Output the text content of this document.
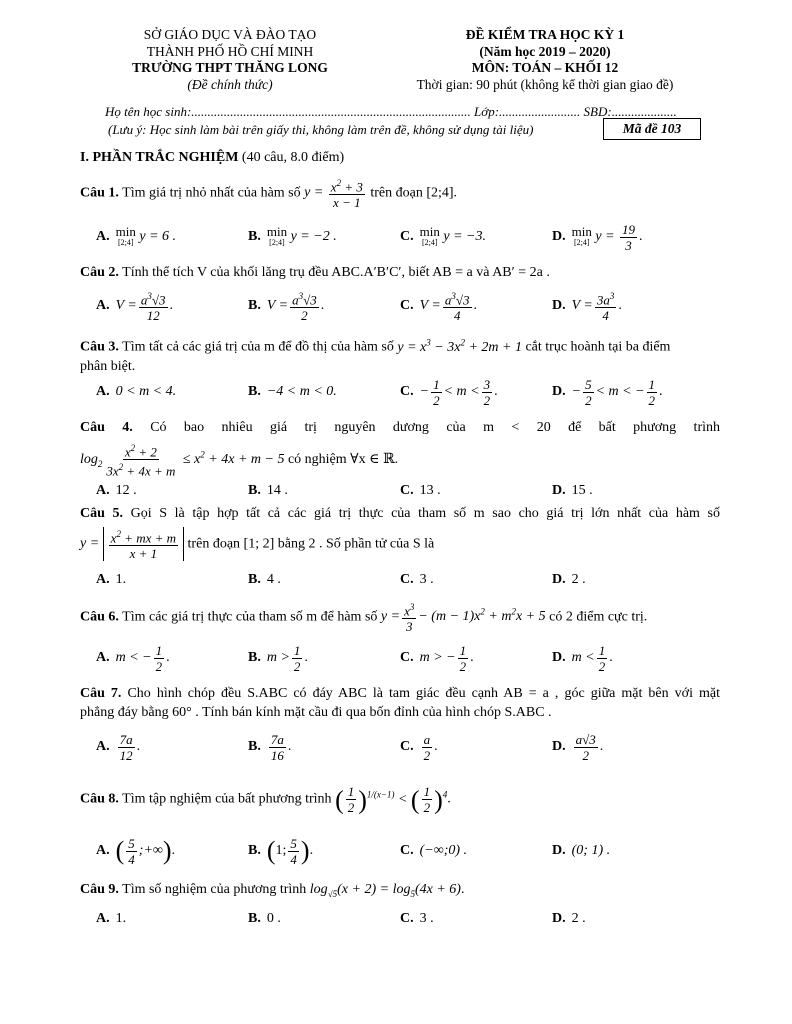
SỞ GIÁO DỤC VÀ ĐÀO TẠO
THÀNH PHỐ HỒ CHÍ MINH
TRƯỜNG THPT THĂNG LONG
(Đề chính thức)
ĐỀ KIỂM TRA HỌC KỲ 1
(Năm học 2019 – 2020)
MÔN: TOÁN – KHỐI 12
Thời gian: 90 phút (không kể thời gian giao đề)
Họ tên học sinh:...................................................................................... Lớp:......................... SBD:....................
(Lưu ý: Học sinh làm bài trên giấy thi, không làm trên đề, không sử dụng tài liệu)	Mã đề 103
I. PHẦN TRẮC NGHIỆM (40 câu, 8.0 điểm)
Câu 1. Tìm giá trị nhỏ nhất của hàm số $y = \frac{x^2 + 3}{x - 1}$ trên đoạn [2;4].
A. min
[2;4] y = 6 .	B. min
[2;4] y = −2 .	C. min
[2;4] y = −3.	D. min
[2;4] $y = \frac{19}{3}$ .
Câu 2. Tính thể tích V của khối lăng trụ đều ABC.A′B′C′, biết AB = a và AB′ = 2a .
A. $V = \frac{a^3√3}{12}$ .	B. $V = \frac{a^3√3}{2}$ .	C. $V = \frac{a^3√3}{4}$ .	D. $V = \frac{3a^3}{4}$ .
Câu 3. Tìm tất cả các giá trị của m để đồ thị của hàm số $y = x^3 - 3x^2 + 2m + 1$ cắt trục hoành tại ba điểm
phân biệt.
A. 0 < m < 4.	B. −4 < m < 0.	C. − $\frac{1}{2} < m < \frac{3}{2}$ .	D. − $\frac{5}{2} < m$ < − $\frac{1}{2}$ .
Câu 4. Có bao nhiêu giá trị nguyên dương của m < 20 để bất phương trình
$\log_2 \frac{x^2 + 2}{3x^2 + 4x + m} \le x^2 + 4x + m - 5$ có nghiệm ∀x ∈ ℝ.
A. 12 .	B. 14 .	C. 13 .	D. 15 .
Câu 5. Gọi S là tập hợp tất cả các giá trị thực của tham số m sao cho giá trị lớn nhất của hàm số
$y = \frac{x^2 + mx + m}{x + 1}$ trên đoạn [1; 2] bằng 2 . Số phần tử của S là
A. 1.	B. 4 .	C. 3 .	D. 2 .
Câu 6. Tìm các giá trị thực của tham số m để hàm số $y = \frac{x^3}{3} - (m - 1)x^2 + m^2x + 5$ có 2 điểm cực trị.
A. m < − $\frac{1}{2}$ .	B. $m > \frac{1}{2}$ .	C. m > − $\frac{1}{2}$ .	D. $m < \frac{1}{2}$ .
Câu 7. Cho hình chóp đều S.ABC có đáy ABC là tam giác đều cạnh AB = a , góc giữa mặt bên với mặt
phẳng đáy bằng 60° . Tính bán kính mặt cầu đi qua bốn đỉnh của hình chóp S.ABC .
A. $\frac{7a}{12}$ .	B. $\frac{7a}{16}$ .	C. $\frac{a}{2}$ .	D. $\frac{a√3}{2}$ .
Câu 8. Tìm tập nghiệm của bất phương trình ( $\frac{1}{2} )^{1/(x-1)}$ < ( $\frac{1}{2} )^4$.
A. ( $\frac{5}{4}$ ;+∞ ) .	B. ( 1; $\frac{5}{4}$ ) .	C. (−∞;0) .	D. (0; 1) .
Câu 9. Tìm số nghiệm của phương trình $\log_{√5}(x + 2) = \log_5(4x + 6)$.
A. 1.	B. 0 .	C. 3 .	D. 2 .
